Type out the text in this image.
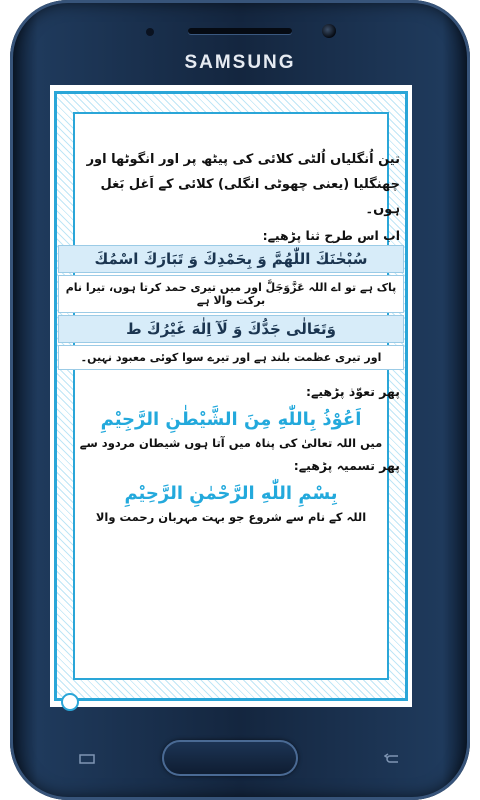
SAMSUNG

تین اُنگلیاں اُلٹی کلائی کی پیٹھ پر اور انگوٹھا اور چھنگلیا (یعنی چھوٹی انگلی) کلائی کے اَغل بَغل ہوں۔

اب اس طرح ثنا پڑھیے:
سُبْحٰنَكَ اللّٰهُمَّ وَ بِحَمْدِكَ وَ تَبَارَكَ اسْمُكَ
پاک ہے تو اے اللہ عَزَّوَجَلَّ اور میں تیری حمد کرتا ہوں، تیرا نام برکت والا ہے
وَتَعَالٰی جَدُّكَ وَ لَآ اِلٰهَ غَيْرُكَ ط
اور تیری عظمت بلند ہے اور تیرے سوا کوئی معبود نہیں۔
پھر تعوّذ پڑھیے:
اَعُوْذُ بِاللّٰهِ مِنَ الشَّيْطٰنِ الرَّجِيْمِ
میں اللہ تعالیٰ کی پناہ میں آتا ہوں شیطان مردود سے
پھر تسمیہ پڑھیے:
بِسْمِ اللّٰهِ الرَّحْمٰنِ الرَّحِيْمِ
اللہ کے نام سے شروع جو بہت مہربان رحمت والا
